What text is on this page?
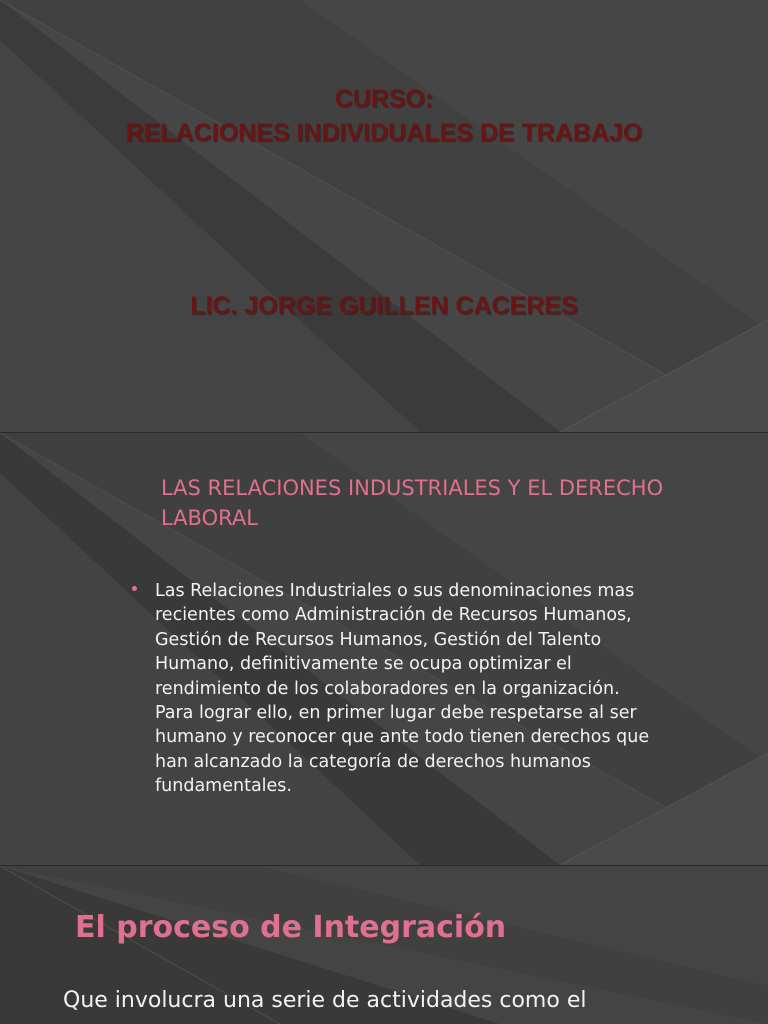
CURSO:
RELACIONES INDIVIDUALES DE TRABAJO

LIC. JORGE GUILLEN CACERES

LAS RELACIONES INDUSTRIALES Y EL DERECHO LABORAL
Las Relaciones Industriales o sus denominaciones mas recientes como Administración de Recursos Humanos, Gestión de Recursos Humanos, Gestión del Talento Humano, definitivamente se ocupa optimizar el rendimiento de los colaboradores en la organización. Para lograr ello, en primer lugar debe respetarse al ser humano y reconocer que ante todo tienen derechos que han alcanzado la categoría de derechos humanos fundamentales.
El proceso de Integración

Que involucra una serie de actividades como el
